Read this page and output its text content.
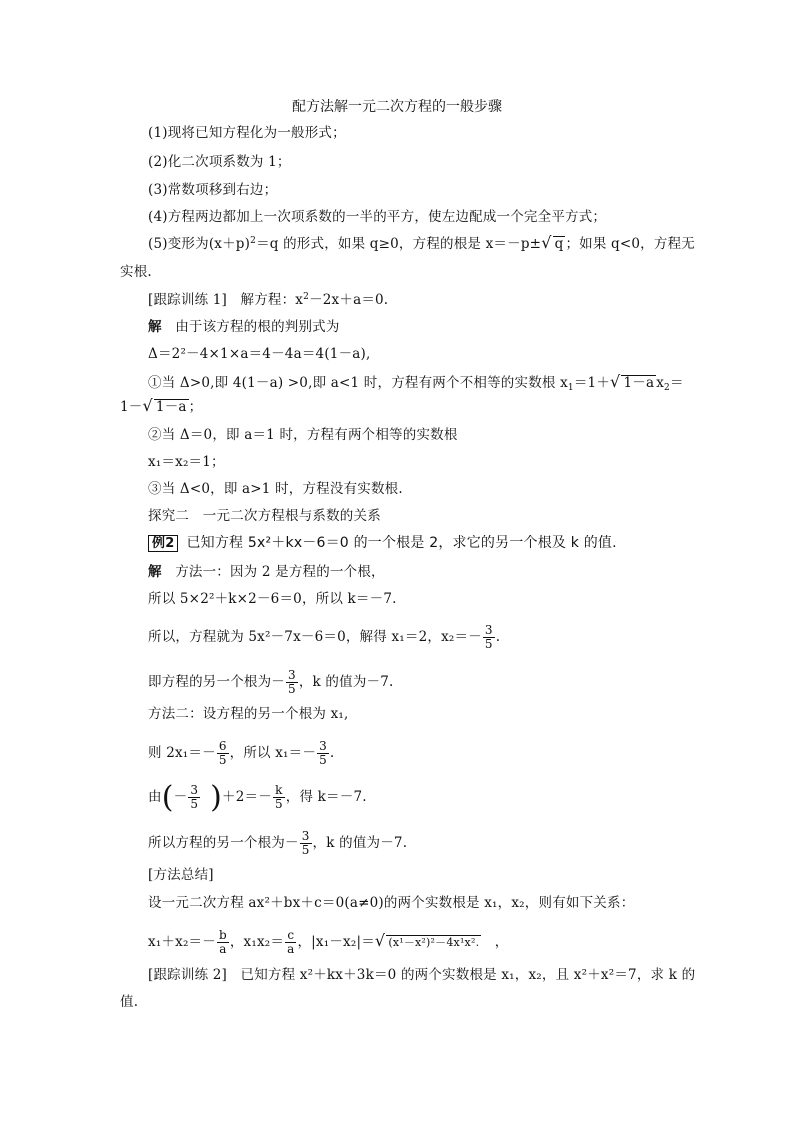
配方法解一元二次方程的一般步骤
(1)现将已知方程化为一般形式；
(2)化二次项系数为 1；
(3)常数项移到右边；
(4)方程两边都加上一次项系数的一半的平方，使左边配成一个完全平方式；
(5)变形为$(x+p)^2=q$ 的形式，如果 q≥0，方程的根是 x＝－p±√ q ；如果 q<0，方程无
实根.
[跟踪训练 1] 解方程：$x^2-2x+a=0$.
解 由于该方程的根的判别式为
Δ＝2²－4×1×a＝4－4a＝4(1－a),
①当 Δ>0,即 4(1－a) >0,即 a<1 时，方程有两个不相等的实数根 $x_1=1+√$ 1－a $x_2=$
1－√ 1－a ；
②当 Δ＝0，即 a＝1 时，方程有两个相等的实数根
x₁＝x₂＝1；
③当 Δ<0，即 a>1 时，方程没有实数根.
探究二　一元二次方程根与系数的关系
例2 已知方程 5x²＋kx－6＝0 的一个根是 2，求它的另一个根及 k 的值.
解 方法一：因为 2 是方程的一个根，
所以 5×2²＋k×2－6＝0，所以 k＝－7.
所以，方程就为 5x²－7x－6＝0，解得 x₁＝2，$x_2=- \frac{3}{5}$ .
即方程的另一个根为－ $\frac{3}{5}$ ，k 的值为－7.
方法二：设方程的另一个根为 x₁,
则 $2x_1=- \frac{6}{5}$ ，所以 $x_1=- \frac{3}{5}$ .
由(－ $\frac{3}{5} )+2=- \frac{k}{5}$ ，得 k＝－7.
所以方程的另一个根为－ $\frac{3}{5}$ ，k 的值为－7.
[方法总结]
设一元二次方程 ax²＋bx＋c＝0(a≠0)的两个实数根是 x₁，x₂，则有如下关系：
$x_1+x_2=- \frac{b}{a}$ ，$x_1x_2= \frac{c}{a}$ ，|x₁－x₂|＝√ (x¹－x²)²－4x¹x². ，
[跟踪训练 2] 已知方程 x²＋kx＋3k＝0 的两个实数根是 x₁，x₂，且 x²＋x²＝7，求 k 的
值.
